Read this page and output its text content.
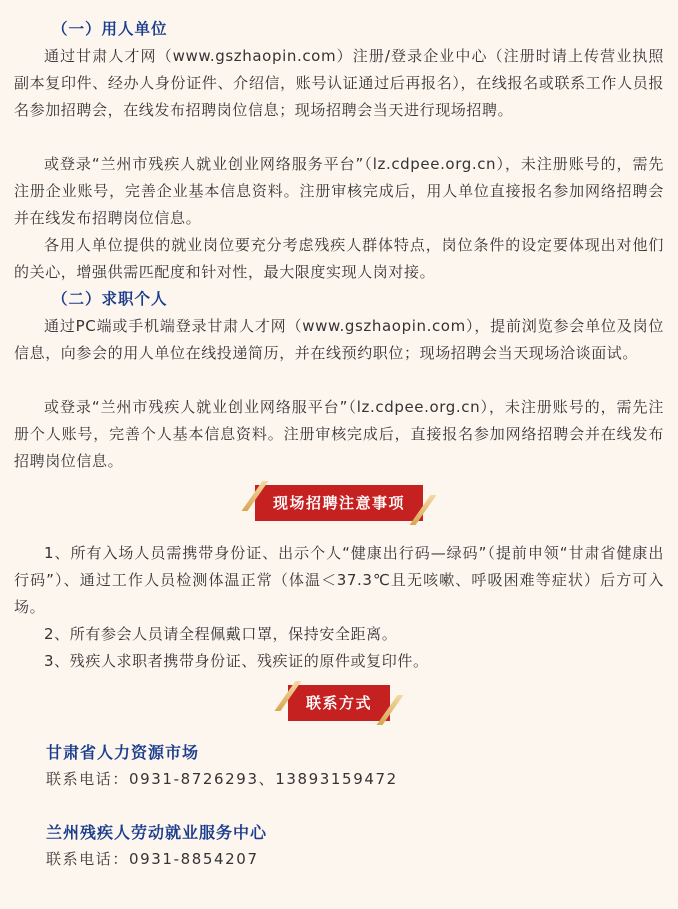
（一）用人单位

通过甘肃人才网（www.gszhaopin.com）注册/登录企业中心（注册时请上传营业执照副本复印件、经办人身份证件、介绍信，账号认证通过后再报名），在线报名或联系工作人员报名参加招聘会，在线发布招聘岗位信息；现场招聘会当天进行现场招聘。

或登录“兰州市残疾人就业创业网络服务平台”（lz.cdpee.org.cn），未注册账号的，需先注册企业账号，完善企业基本信息资料。注册审核完成后，用人单位直接报名参加网络招聘会并在线发布招聘岗位信息。

各用人单位提供的就业岗位要充分考虑残疾人群体特点，岗位条件的设定要体现出对他们的关心，增强供需匹配度和针对性，最大限度实现人岗对接。

（二）求职个人

通过PC端或手机端登录甘肃人才网（www.gszhaopin.com），提前浏览参会单位及岗位信息，向参会的用人单位在线投递简历，并在线预约职位；现场招聘会当天现场洽谈面试。

或登录“兰州市残疾人就业创业网络服平台”（lz.cdpee.org.cn），未注册账号的，需先注册个人账号，完善个人基本信息资料。注册审核完成后，直接报名参加网络招聘会并在线发布招聘岗位信息。

现场招聘注意事项

1、所有入场人员需携带身份证、出示个人“健康出行码—绿码”（提前申领“甘肃省健康出行码”）、通过工作人员检测体温正常（体温＜37.3℃且无咳嗽、呼吸困难等症状）后方可入场。

2、所有参会人员请全程佩戴口罩，保持安全距离。

3、残疾人求职者携带身份证、残疾证的原件或复印件。

联系方式
甘肃省人力资源市场
联系电话：0931-8726293、13893159472
兰州残疾人劳动就业服务中心
联系电话：0931-8854207
